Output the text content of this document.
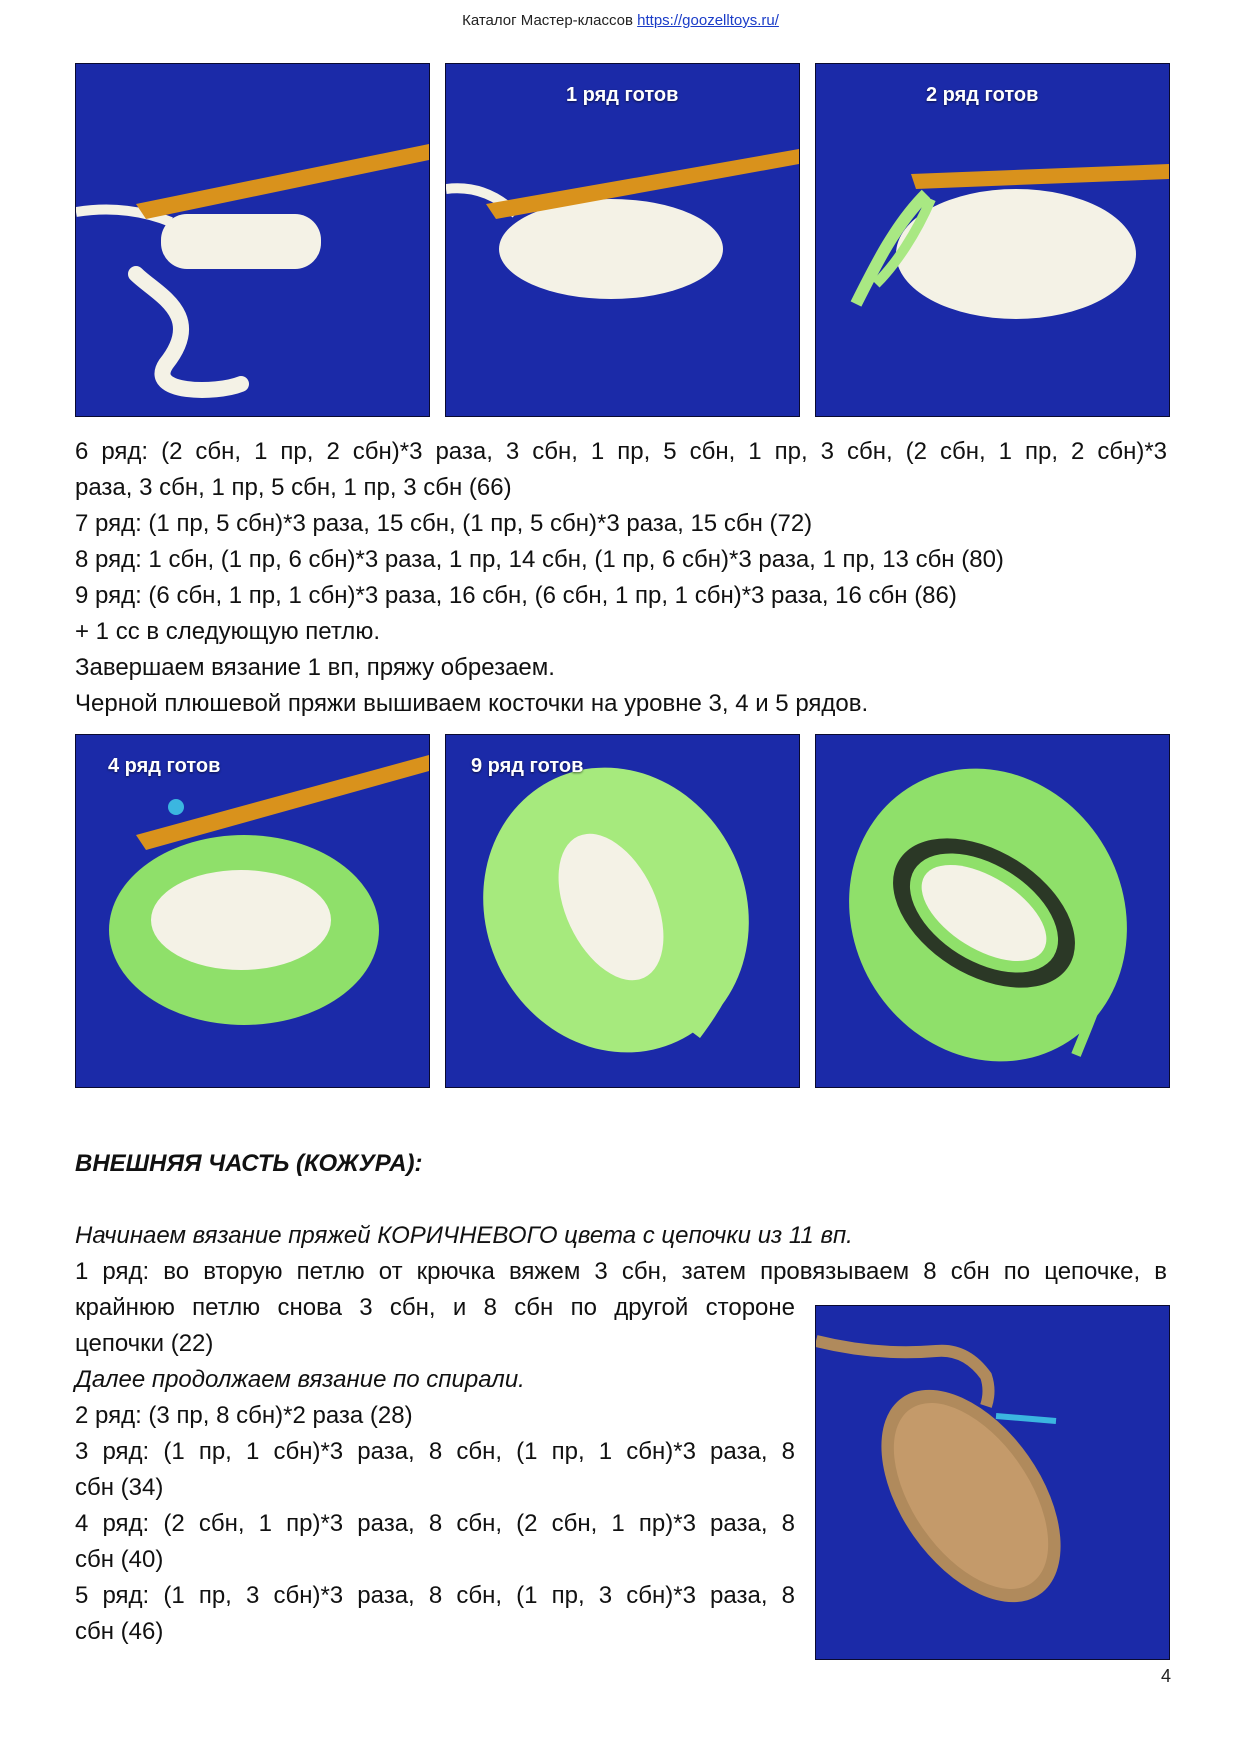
Каталог Мастер-классов https://goozelltoys.ru/
1 ряд готов	2 ряд готов

6 ряд: (2 сбн, 1 пр, 2 сбн)*3 раза, 3 сбн, 1 пр, 5 сбн, 1 пр, 3 сбн, (2 сбн, 1 пр, 2 сбн)*3

раза, 3 сбн, 1 пр, 5 сбн, 1 пр, 3 сбн (66)

7 ряд: (1 пр, 5 сбн)*3 раза, 15 сбн, (1 пр, 5 сбн)*3 раза, 15 сбн (72)

8 ряд: 1 сбн, (1 пр, 6 сбн)*3 раза, 1 пр, 14 сбн, (1 пр, 6 сбн)*3 раза, 1 пр, 13 сбн (80)

9 ряд: (6 сбн, 1 пр, 1 сбн)*3 раза, 16 сбн, (6 сбн, 1 пр, 1 сбн)*3 раза, 16 сбн (86)

+ 1 сс в следующую петлю.

Завершаем вязание 1 вп, пряжу обрезаем.

Черной плюшевой пряжи вышиваем косточки на уровне 3, 4 и 5 рядов.

4 ряд готов	9 ряд готов
ВНЕШНЯЯ ЧАСТЬ (КОЖУРА):

Начинаем вязание пряжей КОРИЧНЕВОГО цвета с цепочки из 11 вп.

1 ряд: во вторую петлю от крючка вяжем 3 сбн, затем провязываем 8 сбн по цепочке, в

крайнюю петлю снова 3 сбн, и 8 сбн по другой стороне

цепочки (22)

Далее продолжаем вязание по спирали.

2 ряд: (3 пр, 8 сбн)*2 раза (28)

3 ряд: (1 пр, 1 сбн)*3 раза, 8 сбн, (1 пр, 1 сбн)*3 раза, 8

сбн (34)

4 ряд: (2 сбн, 1 пр)*3 раза, 8 сбн, (2 сбн, 1 пр)*3 раза, 8

сбн (40)

5 ряд: (1 пр, 3 сбн)*3 раза, 8 сбн, (1 пр, 3 сбн)*3 раза, 8

сбн (46)

4
